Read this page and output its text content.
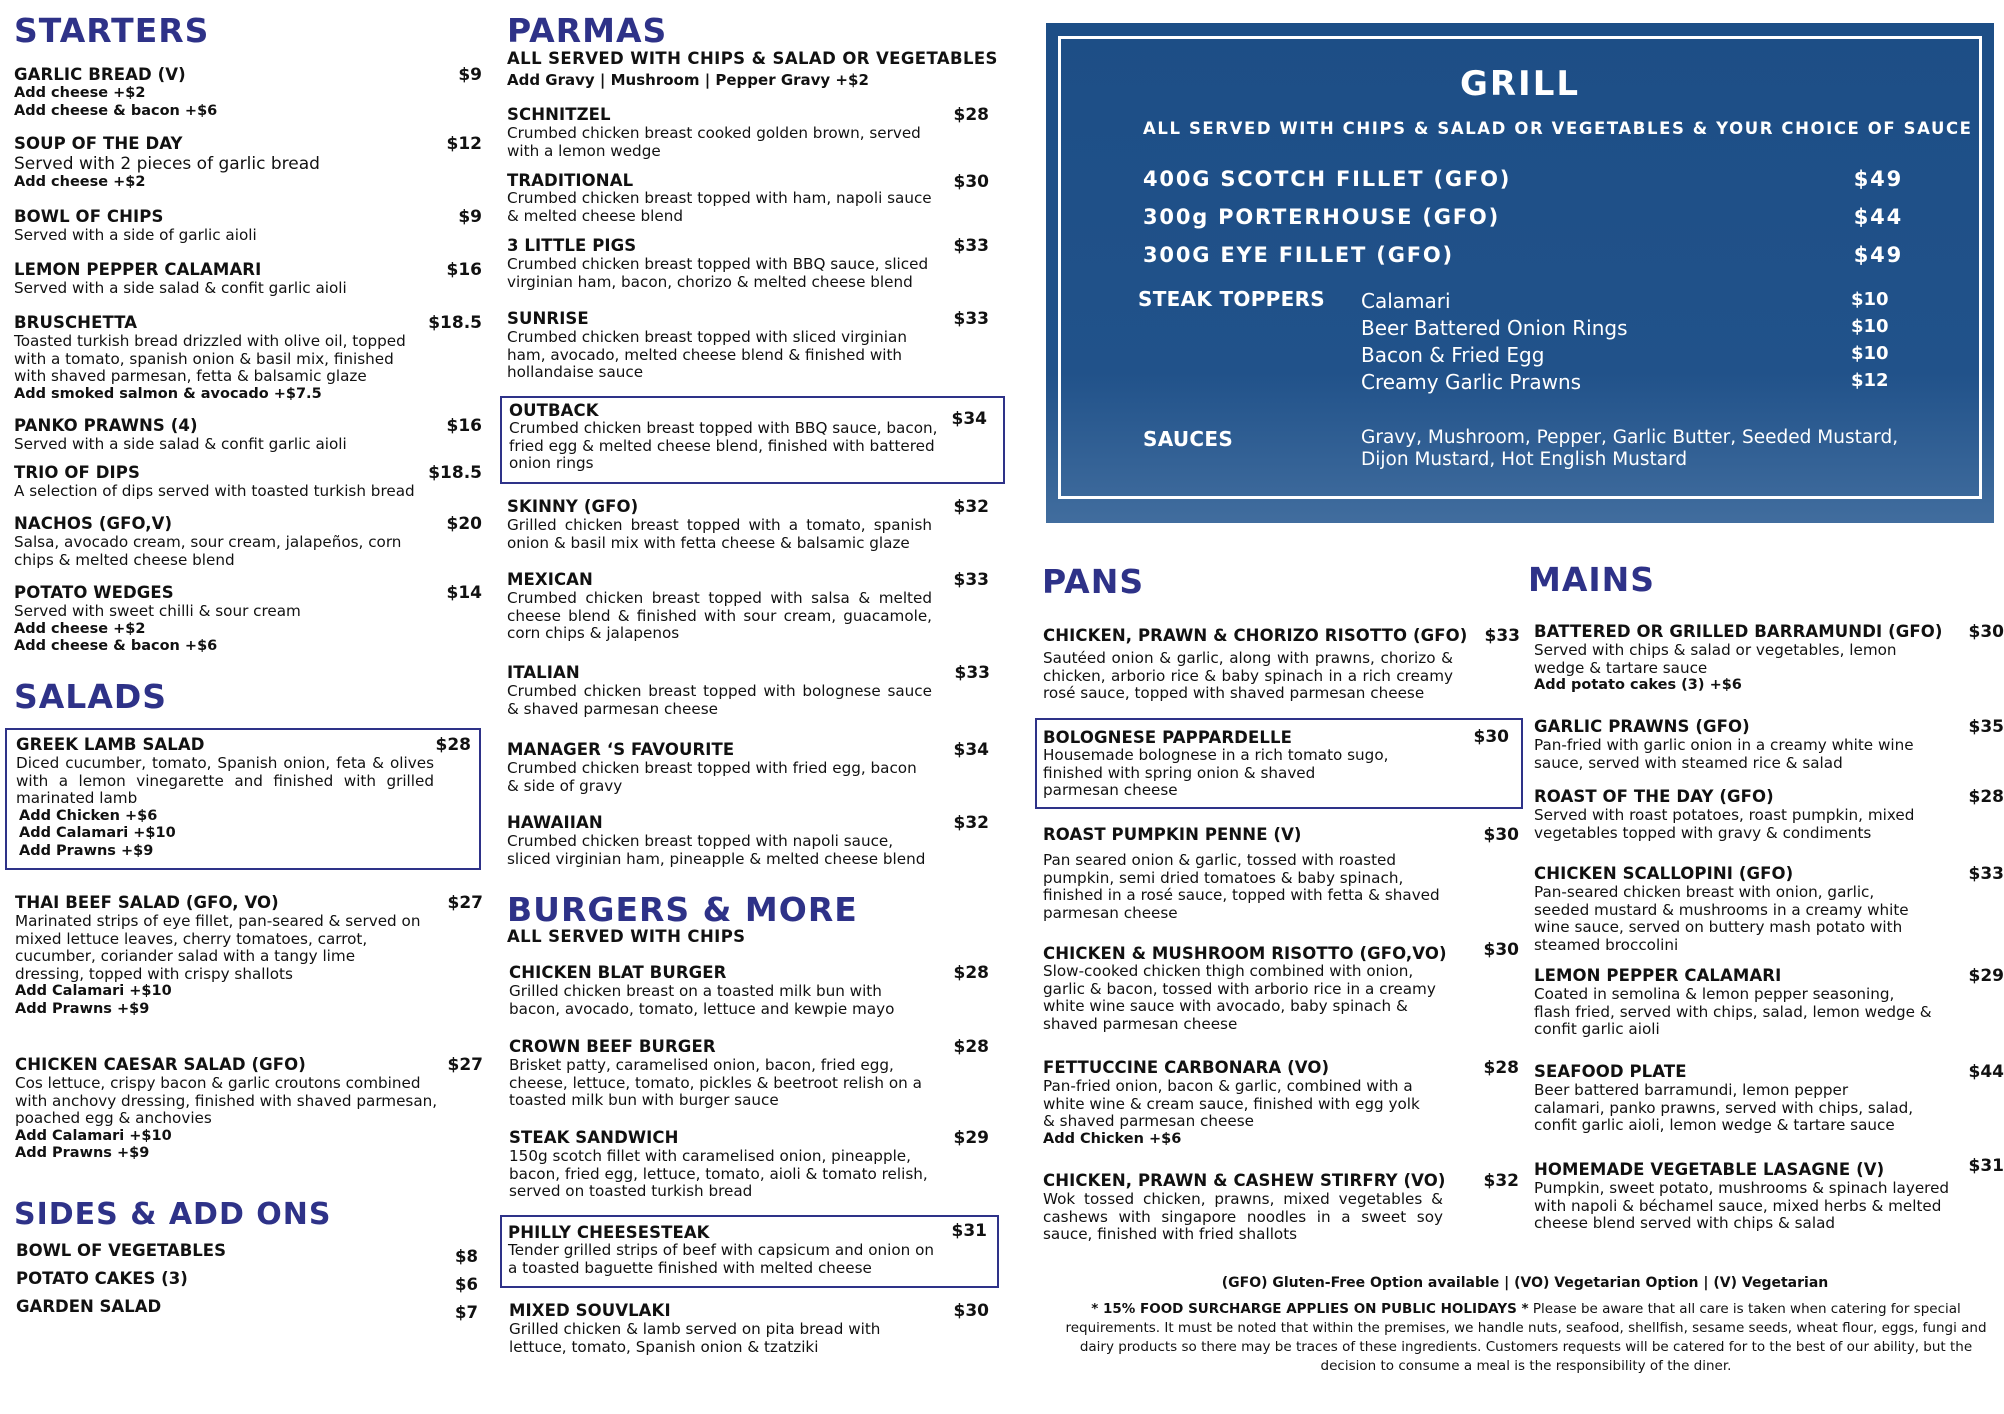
STARTERS
GARLIC BREAD (V)	$9
Add cheese +$2
Add cheese & bacon +$6
SOUP OF THE DAY	$12
Served with 2 pieces of garlic bread
Add cheese +$2
BOWL OF CHIPS	$9
Served with a side of garlic aioli
LEMON PEPPER CALAMARI	$16
Served with a side salad & confit garlic aioli
BRUSCHETTA	$18.5
Toasted turkish bread drizzled with olive oil, topped with a tomato, spanish onion & basil mix, finished with shaved parmesan, fetta & balsamic glaze
Add smoked salmon & avocado +$7.5
PANKO PRAWNS (4)	$16
Served with a side salad & confit garlic aioli
TRIO OF DIPS	$18.5
A selection of dips served with toasted turkish bread
NACHOS (GFO,V)	$20
Salsa, avocado cream, sour cream, jalapeños, corn chips & melted cheese blend
POTATO WEDGES	$14
Served with sweet chilli & sour cream
Add cheese +$2
Add cheese & bacon +$6
SALADS
GREEK LAMB SALAD	$28
Diced cucumber, tomato, Spanish onion, feta & olives with a lemon vinegarette and finished with grilled marinated lamb
Add Chicken +$6
Add Calamari +$10
Add Prawns +$9
THAI BEEF SALAD (GFO, VO)	$27
Marinated strips of eye fillet, pan-seared & served on mixed lettuce leaves, cherry tomatoes, carrot, cucumber, coriander salad with a tangy lime dressing, topped with crispy shallots
Add Calamari +$10
Add Prawns +$9
CHICKEN CAESAR SALAD (GFO)	$27
Cos lettuce, crispy bacon & garlic croutons combined with anchovy dressing, finished with shaved parmesan, poached egg & anchovies
Add Calamari +$10
Add Prawns +$9
SIDES & ADD ONS
BOWL OF VEGETABLES	$8
POTATO CAKES (3)	$6
GARDEN SALAD	$7
PARMAS
ALL SERVED WITH CHIPS & SALAD OR VEGETABLES
Add Gravy | Mushroom | Pepper Gravy +$2
SCHNITZEL	$28
Crumbed chicken breast cooked golden brown, served with a lemon wedge
TRADITIONAL	$30
Crumbed chicken breast topped with ham, napoli sauce & melted cheese blend
3 LITTLE PIGS	$33
Crumbed chicken breast topped with BBQ sauce, sliced virginian ham, bacon, chorizo & melted cheese blend
SUNRISE	$33
Crumbed chicken breast topped with sliced virginian ham, avocado, melted cheese blend & finished with hollandaise sauce
OUTBACK	$34
Crumbed chicken breast topped with BBQ sauce, bacon, fried egg & melted cheese blend, finished with battered onion rings
SKINNY (GFO)	$32
Grilled chicken breast topped with a tomato, spanish onion & basil mix with fetta cheese & balsamic glaze
MEXICAN	$33
Crumbed chicken breast topped with salsa & melted cheese blend & finished with sour cream, guacamole, corn chips & jalapenos
ITALIAN	$33
Crumbed chicken breast topped with bolognese sauce & shaved parmesan cheese
MANAGER ‘S FAVOURITE	$34
Crumbed chicken breast topped with fried egg, bacon & side of gravy
HAWAIIAN	$32
Crumbed chicken breast topped with napoli sauce, sliced virginian ham, pineapple & melted cheese blend
BURGERS & MORE
ALL SERVED WITH CHIPS
CHICKEN BLAT BURGER	$28
Grilled chicken breast on a toasted milk bun with bacon, avocado, tomato, lettuce and kewpie mayo
CROWN BEEF BURGER	$28
Brisket patty, caramelised onion, bacon, fried egg, cheese, lettuce, tomato, pickles & beetroot relish on a toasted milk bun with burger sauce
STEAK SANDWICH	$29
150g scotch fillet with caramelised onion, pineapple, bacon, fried egg, lettuce, tomato, aioli & tomato relish, served on toasted turkish bread
PHILLY CHEESESTEAK	$31
Tender grilled strips of beef with capsicum and onion on a toasted baguette finished with melted cheese
MIXED SOUVLAKI	$30
Grilled chicken & lamb served on pita bread with lettuce, tomato, Spanish onion & tzatziki
GRILL
ALL SERVED WITH CHIPS & SALAD OR VEGETABLES & YOUR CHOICE OF SAUCE
400G SCOTCH FILLET (GFO)	$49
300g PORTERHOUSE (GFO)	$44
300G EYE FILLET (GFO)	$49
STEAK TOPPERS Calamari	$10
Beer Battered Onion Rings	$10
Bacon & Fried Egg	$10
Creamy Garlic Prawns	$12
SAUCES	Gravy, Mushroom, Pepper, Garlic Butter, Seeded Mustard, Dijon Mustard, Hot English Mustard
PANS
CHICKEN, PRAWN & CHORIZO RISOTTO (GFO)	$33
Sautéed onion & garlic, along with prawns, chorizo & chicken, arborio rice & baby spinach in a rich creamy rosé sauce, topped with shaved parmesan cheese
BOLOGNESE PAPPARDELLE	$30
Housemade bolognese in a rich tomato sugo, finished with spring onion & shaved parmesan cheese
ROAST PUMPKIN PENNE (V)	$30
Pan seared onion & garlic, tossed with roasted pumpkin, semi dried tomatoes & baby spinach, finished in a rosé sauce, topped with fetta & shaved parmesan cheese
CHICKEN & MUSHROOM RISOTTO (GFO,VO)	$30
Slow-cooked chicken thigh combined with onion, garlic & bacon, tossed with arborio rice in a creamy white wine sauce with avocado, baby spinach & shaved parmesan cheese
FETTUCCINE CARBONARA (VO)	$28
Pan-fried onion, bacon & garlic, combined with a white wine & cream sauce, finished with egg yolk & shaved parmesan cheese
Add Chicken +$6
CHICKEN, PRAWN & CASHEW STIRFRY (VO)	$32
Wok tossed chicken, prawns, mixed vegetables & cashews with singapore noodles in a sweet soy sauce, finished with fried shallots
MAINS
BATTERED OR GRILLED BARRAMUNDI (GFO)	$30
Served with chips & salad or vegetables, lemon wedge & tartare sauce
Add potato cakes (3) +$6
GARLIC PRAWNS (GFO)	$35
Pan-fried with garlic onion in a creamy white wine sauce, served with steamed rice & salad
ROAST OF THE DAY (GFO)	$28
Served with roast potatoes, roast pumpkin, mixed vegetables topped with gravy & condiments
CHICKEN SCALLOPINI (GFO)	$33
Pan-seared chicken breast with onion, garlic, seeded mustard & mushrooms in a creamy white wine sauce, served on buttery mash potato with steamed broccolini
LEMON PEPPER CALAMARI	$29
Coated in semolina & lemon pepper seasoning, flash fried, served with chips, salad, lemon wedge & confit garlic aioli
SEAFOOD PLATE	$44
Beer battered barramundi, lemon pepper calamari, panko prawns, served with chips, salad, confit garlic aioli, lemon wedge & tartare sauce
HOMEMADE VEGETABLE LASAGNE (V)	$31
Pumpkin, sweet potato, mushrooms & spinach layered with napoli & béchamel sauce, mixed herbs & melted cheese blend served with chips & salad
(GFO) Gluten-Free Option available | (VO) Vegetarian Option | (V) Vegetarian
* 15% FOOD SURCHARGE APPLIES ON PUBLIC HOLIDAYS * Please be aware that all care is taken when catering for special requirements. It must be noted that within the premises, we handle nuts, seafood, shellfish, sesame seeds, wheat flour, eggs, fungi and dairy products so there may be traces of these ingredients. Customers requests will be catered for to the best of our ability, but the decision to consume a meal is the responsibility of the diner.
